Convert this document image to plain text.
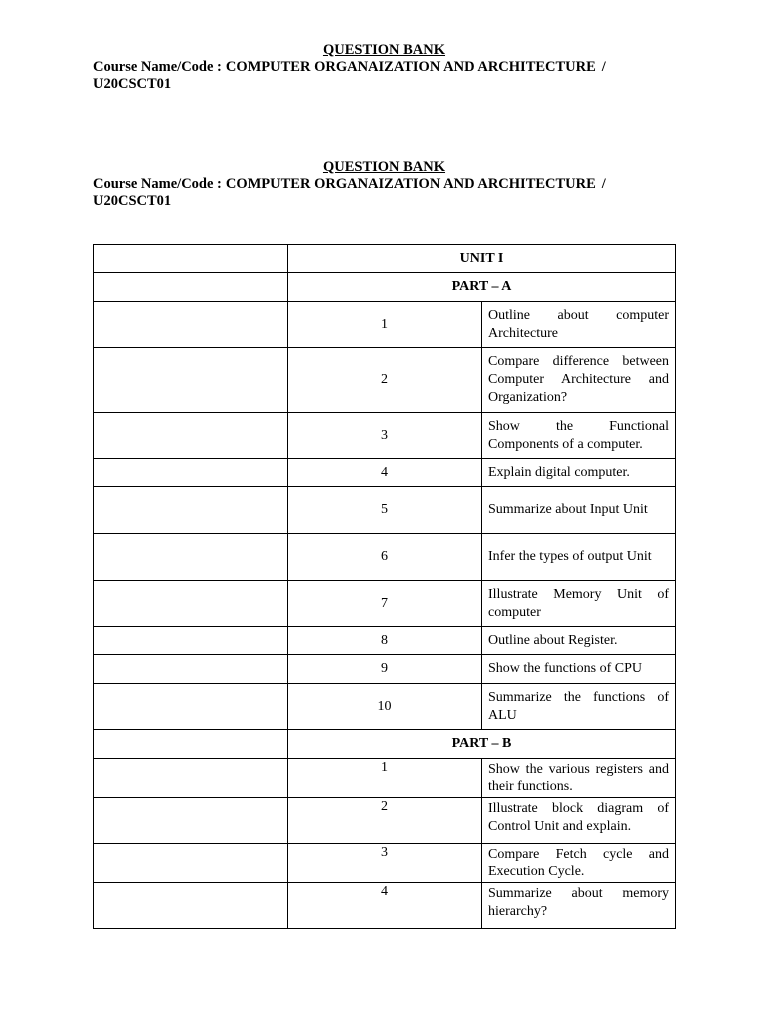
QUESTION BANK
Course Name/Code : COMPUTER ORGANAIZATION AND ARCHITECTURE /
U20CSCT01
QUESTION BANK
Course Name/Code : COMPUTER ORGANAIZATION AND ARCHITECTURE /
U20CSCT01
	UNIT I	
	PART – A	
	1	Outline about computer Architecture
	2	Compare difference between Computer Architecture and Organization?
	3	Show the Functional Components of a computer.
	4	Explain digital computer.
	5	Summarize about Input Unit
	6	Infer the types of output Unit
	7	Illustrate Memory Unit of computer
	8	Outline about Register.
	9	Show the functions of CPU
	10	Summarize the functions of ALU
	PART – B	
	1	Show the various registers and their functions.
	2	Illustrate block diagram of Control Unit and explain.
	3	Compare Fetch cycle and Execution Cycle.
	4	Summarize about memory hierarchy?
